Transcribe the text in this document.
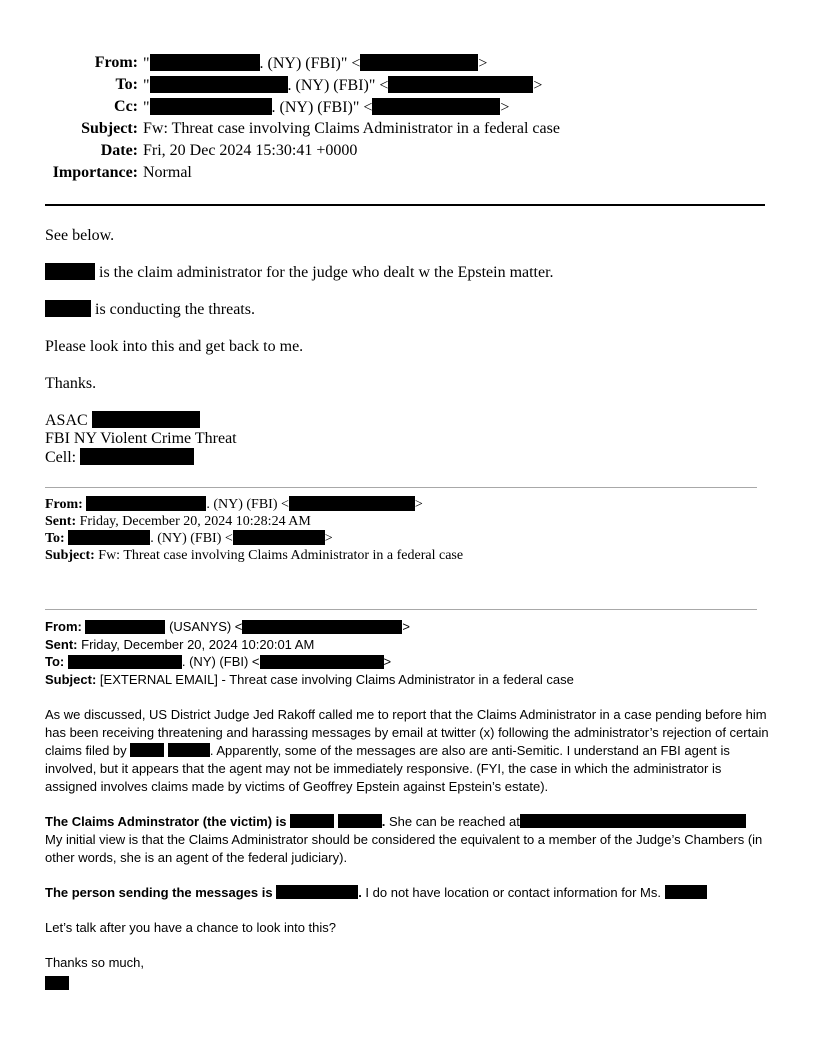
From: "	. (NY) (FBI)" <	>
To: "	. (NY) (FBI)" <	>
Cc: "	. (NY) (FBI)" <	>
Subject: Fw: Threat case involving Claims Administrator in a federal case
Date: Fri, 20 Dec 2024 15:30:41 +0000
Importance: Normal

See below.

is the claim administrator for the judge who dealt w the Epstein matter.

is conducting the threats.

Please look into this and get back to me.

Thanks.

ASAC
FBI NY Violent Crime Threat
Cell:
From:	. (NY) (FBI) <	>
Sent: Friday, December 20, 2024 10:28:24 AM
To:	. (NY) (FBI) <	>
Subject: Fw: Threat case involving Claims Administrator in a federal case
From:	(USANYS) <	>
Sent: Friday, December 20, 2024 10:20:01 AM
To:	. (NY) (FBI) <	>
Subject: [EXTERNAL EMAIL] - Threat case involving Claims Administrator in a federal case

As we discussed, US District Judge Jed Rakoff called me to report that the Claims Administrator in a case pending before him has been receiving threatening and harassing messages by email at twitter (x) following the administrator’s rejection of certain claims filed by	. Apparently, some of the messages are also are anti-Semitic. I understand an FBI agent is involved, but it appears that the agent may not be immediately responsive. (FYI, the case in which the administrator is assigned involves claims made by victims of Geoffrey Epstein against Epstein’s estate).

The Claims Adminstrator (the victim) is	. She can be reached at
My initial view is that the Claims Administrator should be considered the equivalent to a member of the Judge’s Chambers (in other words, she is an agent of the federal judiciary).

The person sending the messages is	. I do not have location or contact information for Ms.

Let’s talk after you have a chance to look into this?

Thanks so much,
